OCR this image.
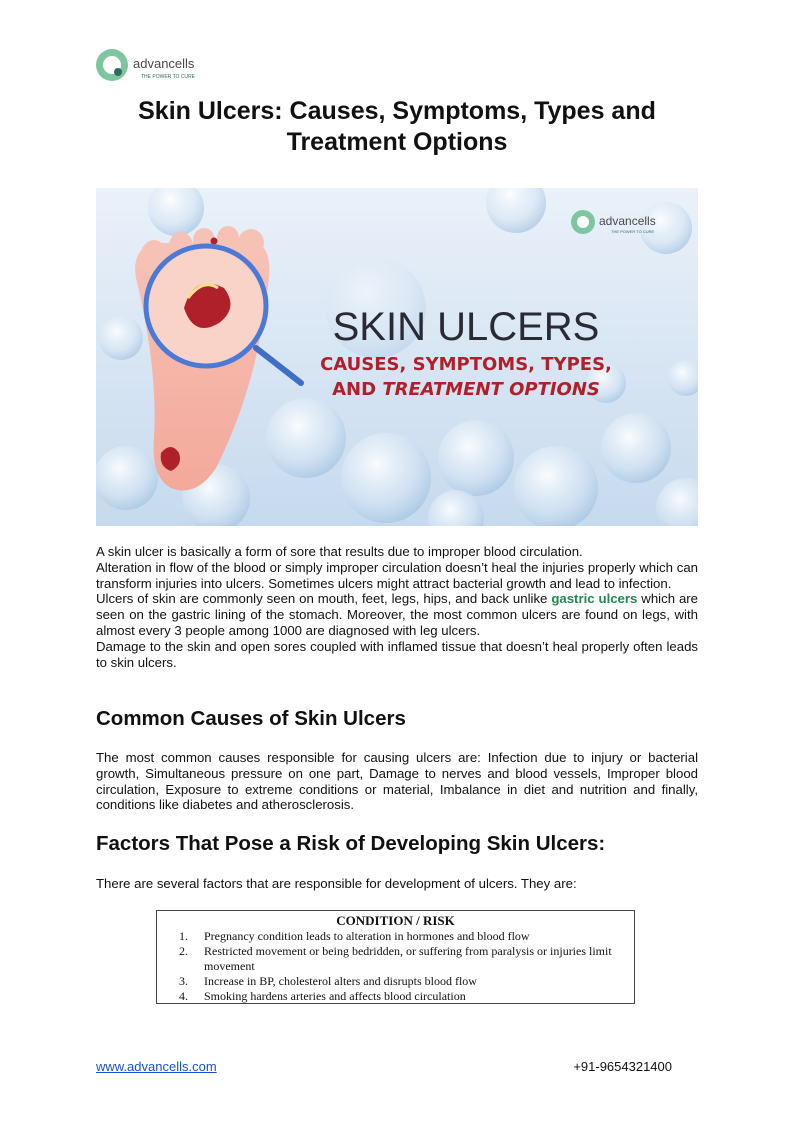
advancells
THE POWER TO CURE
Skin Ulcers: Causes, Symptoms, Types and Treatment Options
advancells
THE POWER TO CURE
SKIN ULCERS
CAUSES, SYMPTOMS, TYPES,
AND TREATMENT OPTIONS

A skin ulcer is basically a form of sore that results due to improper blood circulation.

Alteration in flow of the blood or simply improper circulation doesn’t heal the injuries properly which can transform injuries into ulcers. Sometimes ulcers might attract bacterial growth and lead to infection.

Ulcers of skin are commonly seen on mouth, feet, legs, hips, and back unlike gastric ulcers which are seen on the gastric lining of the stomach. Moreover, the most common ulcers are found on legs, with almost every 3 people among 1000 are diagnosed with leg ulcers.

Damage to the skin and open sores coupled with inflamed tissue that doesn’t heal properly often leads to skin ulcers.

Common Causes of Skin Ulcers
The most common causes responsible for causing ulcers are: Infection due to injury or bacterial growth, Simultaneous pressure on one part, Damage to nerves and blood vessels, Improper blood circulation, Exposure to extreme conditions or material, Imbalance in diet and nutrition and finally, conditions like diabetes and atherosclerosis.
Factors That Pose a Risk of Developing Skin Ulcers:
There are several factors that are responsible for development of ulcers. They are:
CONDITION / RISK
1.	Pregnancy condition leads to alteration in hormones and blood flow
2.	Restricted movement or being bedridden, or suffering from paralysis or injuries limit movement
3.	Increase in BP, cholesterol alters and disrupts blood flow
4.	Smoking hardens arteries and affects blood circulation
www.advancells.com	+91-9654321400
